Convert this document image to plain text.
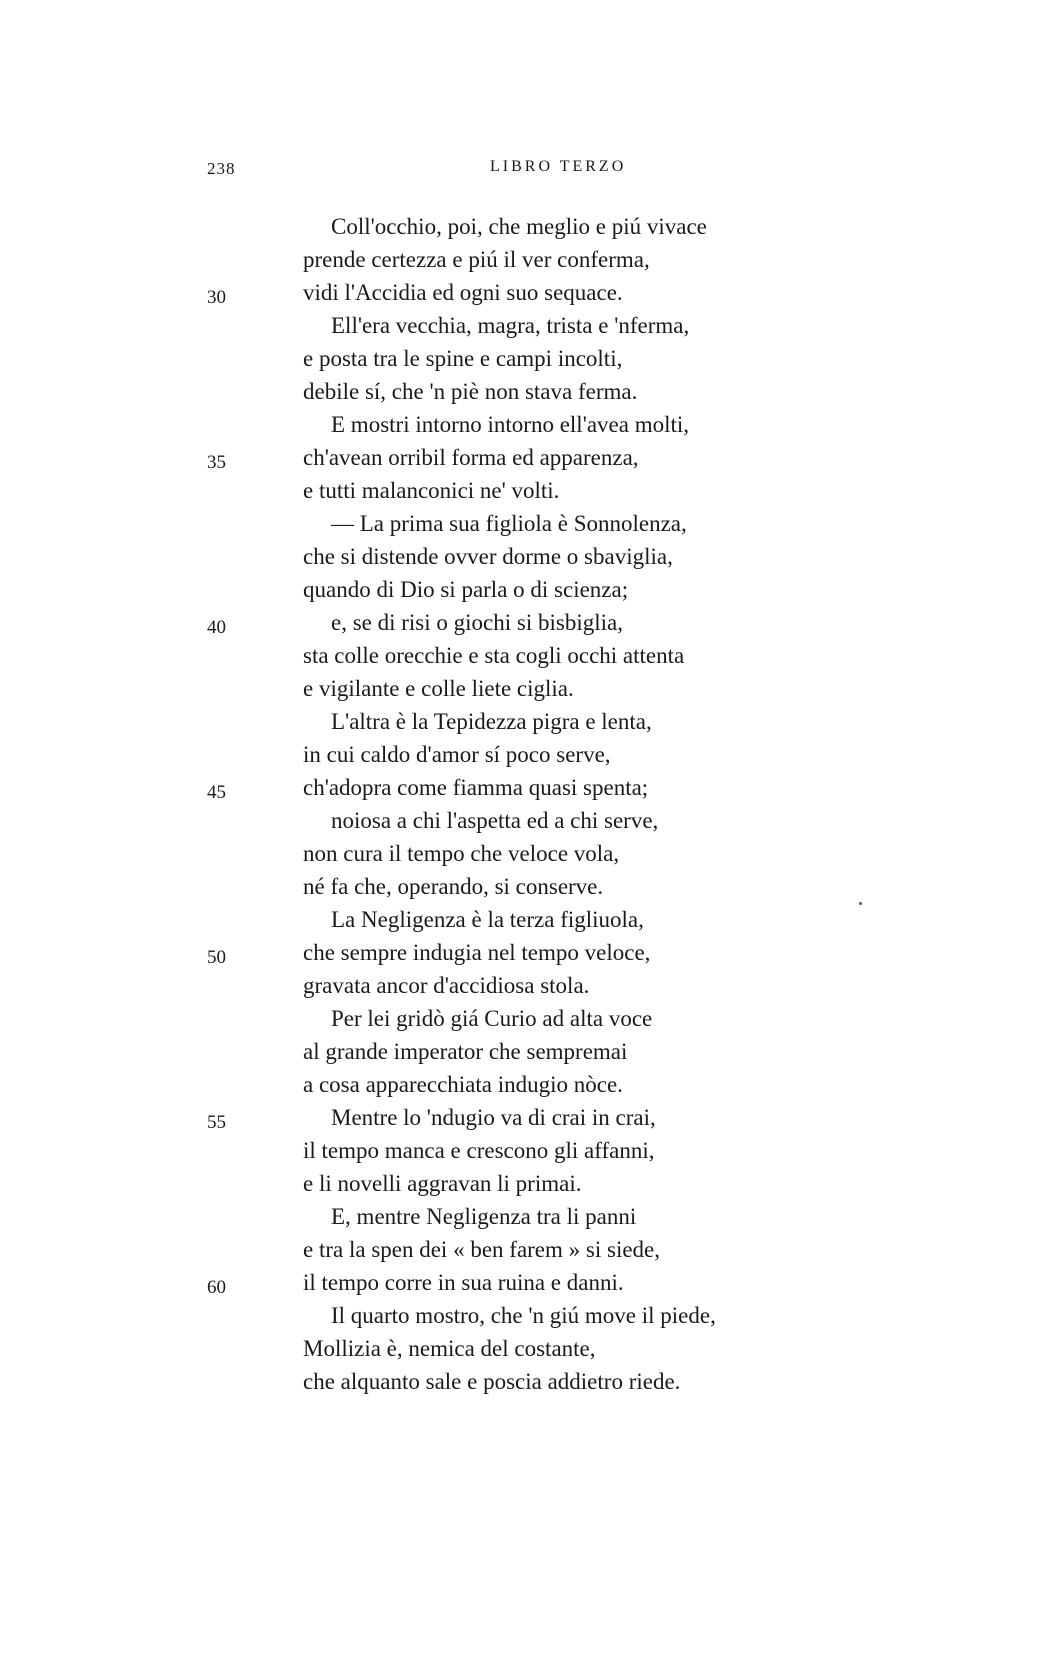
238	LIBRO TERZO
Coll'occhio, poi, che meglio e piú vivace
prende certezza e piú il ver conferma,
30	vidi l'Accidia ed ogni suo sequace.
Ell'era vecchia, magra, trista e 'nferma,
e posta tra le spine e campi incolti,
debile sí, che 'n piè non stava ferma.
E mostri intorno intorno ell'avea molti,
35	ch'avean orribil forma ed apparenza,
e tutti malanconici ne' volti.
— La prima sua figliola è Sonnolenza,
che si distende ovver dorme o sbaviglia,
quando di Dio si parla o di scienza;
40	e, se di risi o giochi si bisbiglia,
sta colle orecchie e sta cogli occhi attenta
e vigilante e colle liete ciglia.
L'altra è la Tepidezza pigra e lenta,
in cui caldo d'amor sí poco serve,
45	ch'adopra come fiamma quasi spenta;
noiosa a chi l'aspetta ed a chi serve,
non cura il tempo che veloce vola,
né fa che, operando, si conserve.
La Negligenza è la terza figliuola,
50	che sempre indugia nel tempo veloce,
gravata ancor d'accidiosa stola.
Per lei gridò giá Curio ad alta voce
al grande imperator che sempremai
a cosa apparecchiata indugio nòce.
55	Mentre lo 'ndugio va di crai in crai,
il tempo manca e crescono gli affanni,
e li novelli aggravan li primai.
E, mentre Negligenza tra li panni
e tra la spen dei « ben farem » si siede,
60	il tempo corre in sua ruina e danni.
Il quarto mostro, che 'n giú move il piede,
Mollizia è, nemica del costante,
che alquanto sale e poscia addietro riede.
